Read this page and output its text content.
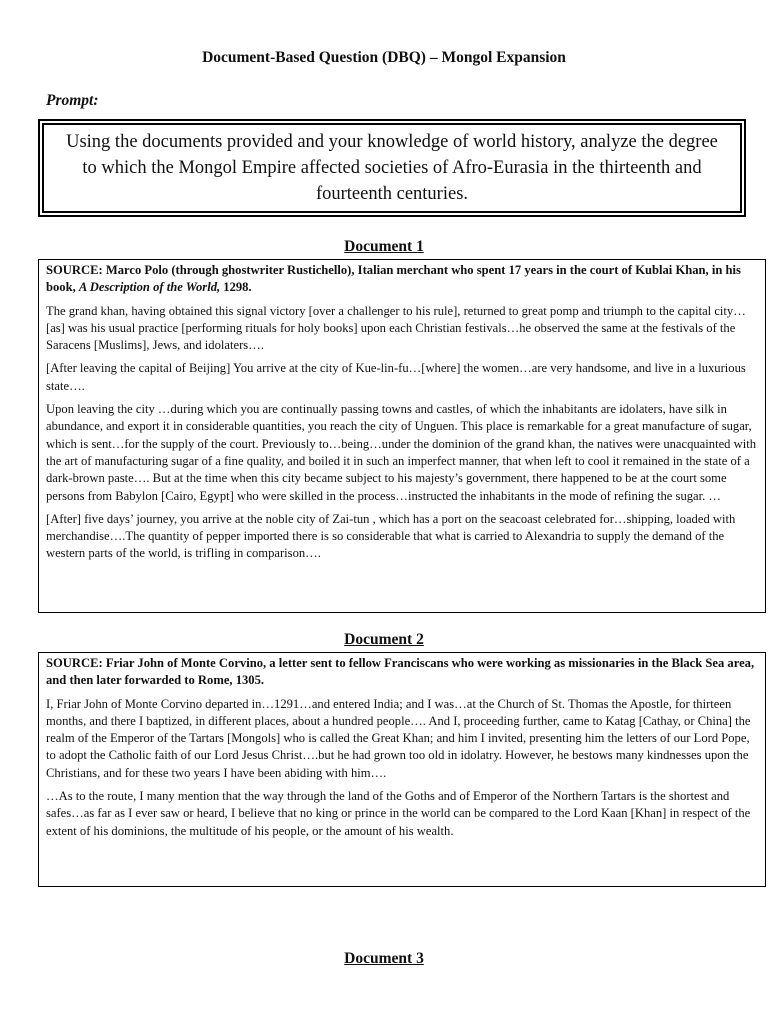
Document-Based Question (DBQ) – Mongol Expansion
Prompt:
Using the documents provided and your knowledge of world history, analyze the degree to which the Mongol Empire affected societies of Afro-Eurasia in the thirteenth and fourteenth centuries.
Document 1

SOURCE: Marco Polo (through ghostwriter Rustichello), Italian merchant who spent 17 years in the court of Kublai Khan, in his book, A Description of the World, 1298.

The grand khan, having obtained this signal victory [over a challenger to his rule], returned to great pomp and triumph to the capital city…[as] was his usual practice [performing rituals for holy books] upon each Christian festivals…he observed the same at the festivals of the Saracens [Muslims], Jews, and idolaters….

[After leaving the capital of Beijing] You arrive at the city of Kue-lin-fu…[where] the women…are very handsome, and live in a luxurious state….

Upon leaving the city …during which you are continually passing towns and castles, of which the inhabitants are idolaters, have silk in abundance, and export it in considerable quantities, you reach the city of Unguen. This place is remarkable for a great manufacture of sugar, which is sent…for the supply of the court. Previously to…being…under the dominion of the grand khan, the natives were unacquainted with the art of manufacturing sugar of a fine quality, and boiled it in such an imperfect manner, that when left to cool it remained in the state of a dark-brown paste…. But at the time when this city became subject to his majesty’s government, there happened to be at the court some persons from Babylon [Cairo, Egypt] who were skilled in the process…instructed the inhabitants in the mode of refining the sugar. …

[After] five days’ journey, you arrive at the noble city of Zai-tun , which has a port on the seacoast celebrated for…shipping, loaded with merchandise….The quantity of pepper imported there is so considerable that what is carried to Alexandria to supply the demand of the western parts of the world, is trifling in comparison….

Document 2

SOURCE: Friar John of Monte Corvino, a letter sent to fellow Franciscans who were working as missionaries in the Black Sea area, and then later forwarded to Rome, 1305.

I, Friar John of Monte Corvino departed in…1291…and entered India; and I was…at the Church of St. Thomas the Apostle, for thirteen months, and there I baptized, in different places, about a hundred people…. And I, proceeding further, came to Katag [Cathay, or China] the realm of the Emperor of the Tartars [Mongols] who is called the Great Khan; and him I invited, presenting him the letters of our Lord Pope, to adopt the Catholic faith of our Lord Jesus Christ….but he had grown too old in idolatry. However, he bestows many kindnesses upon the Christians, and for these two years I have been abiding with him….

…As to the route, I many mention that the way through the land of the Goths and of Emperor of the Northern Tartars is the shortest and safes…as far as I ever saw or heard, I believe that no king or prince in the world can be compared to the Lord Kaan [Khan] in respect of the extent of his dominions, the multitude of his people, or the amount of his wealth.

Document 3
